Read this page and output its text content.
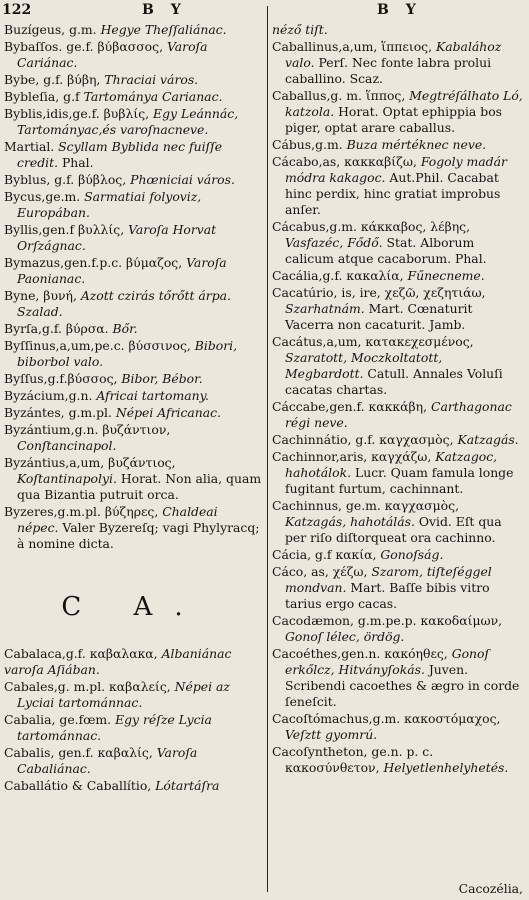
122	B Y	B Y
Buzígeus, g.m. Hegye Theſſaliánac.
Bybaſſos. ge.f. βύβασσος, Varoſa Cariánac.
Bybe, g.f. βύβη, Thraciai város.
Bybleſia, g.f Tartománya Carianac.
Byblis,idis,ge.f. βυβλίς, Egy Leánnác, Tartományac,és varoſnacneve.
Martial. Scyllam Byblida nec fuiſſe credit. Phal.
Byblus, g.f. βύβλος, Phœniciai város.
Bycus,ge.m. Sarmatiai folyoviz, Europában.
Byllis,gen.f βυλλίς, Varoſa Horvat Orſzágnac.
Bymazus,gen.f.p.c. βύμαζος, Varoſa Paonianac.
Byne, βυνή, Azott czirás tőrőtt árpa. Szalad.
Byrſa,g.f. βύρσα. Bőr.
Byſſinus,a,um,pe.c. βύσσινος, Bibori, biborbol valo.
Byſſus,g.f.βύσσος, Bibor, Bébor.
Byzácium,g.n. Africai tartomany.
Byzántes, g.m.pl. Népei Africanac.
Byzántium,g.n. βυζάντιον, Conſtancinapol.
Byzántius,a,um, βυζάντιος, Koſtantinapolyi. Horat. Non alia, quam qua Bizantia putruit orca.
Byzeres,g.m.pl. βύζηρες, Chaldeai népec. Valer Byzereſq; vagi Phylyracq; à nomine dicta.
C A.
Cabalaca,g.f. καβαλακα, Albaniánac varoſa Aſiában.
Cabales,g. m.pl. καβαλείς, Népei az Lyciai tartománnac.
Cabalia, ge.fœm. Egy réſze Lycia tartománnac.
Cabalis, gen.f. καβαλίς, Varoſa Cabaliánac.
Caballátio & Caballítio, Lótartáſra
néző tiſt.
Caballinus,a,um, ἵππειος, Kabalához valo. Perſ. Nec fonte labra prolui caballino. Scaz.
Caballus,g. m. ἵππος, Megtréſálhato Ló, katzola. Horat. Optat ephippia bos piger, optat arare caballus.
Cábus,g.m. Buza mértéknec neve.
Cácabo,as, κακκαβίζω, Fogoly madár módra kakagoc. Aut.Phil. Cacabat hinc perdix, hinc gratiat improbus anſer.
Cácabus,g.m. κάκκαβος, λέβης, Vasfazéc, Fődő. Stat. Alborum calicum atque cacaborum. Phal.
Cacália,g.f. κακαλία, Fűnecneme.
Cacatúrio, is, ire, χεζῶ, χεζητιάω, Szarhatnám. Mart. Cœnaturit Vacerra non cacaturit. Jamb.
Cacátus,a,um, κατακεχεσμένος, Szaratott, Moczkoltatott, Megbardott. Catull. Annales Voluſi cacatas chartas.
Cáccabe,gen.f. κακκάβη, Carthagonac régi neve.
Cachinnátio, g.f. καγχασμὸς, Katzagás.
Cachinnor,aris, καγχάζω, Katzagoc, hahotálok. Lucr. Quam famula longe fugitant furtum, cachinnant.
Cachinnus, ge.m. καγχασμὸς, Katzagás, hahotálás. Ovid. Eſt qua per riſo diſtorqueat ora cachinno.
Cácia, g.f κακία, Gonoſság.
Cáco, as, χέζω, Szarom, tiſteſéggel mondvan. Mart. Baſſe bibis vitro tarius ergo cacas.
Cacodæmon, g.m.pe.p. κακοδαίμων, Gonoſ lélec, ördög.
Cacoéthes,gen.n. κακόηθες, Gonoſ erkőlcz, Hitványſokás. Juven. Scribendi cacoethes & ægro in corde ſeneſcit.
Cacoſtómachus,g.m. κακοστόμαχος, Veſztt gyomrú.
Cacoſyntheton, ge.n. p. c. κακοσύνθετον, Helyetlenhelyhetés.
Cacozélia,
